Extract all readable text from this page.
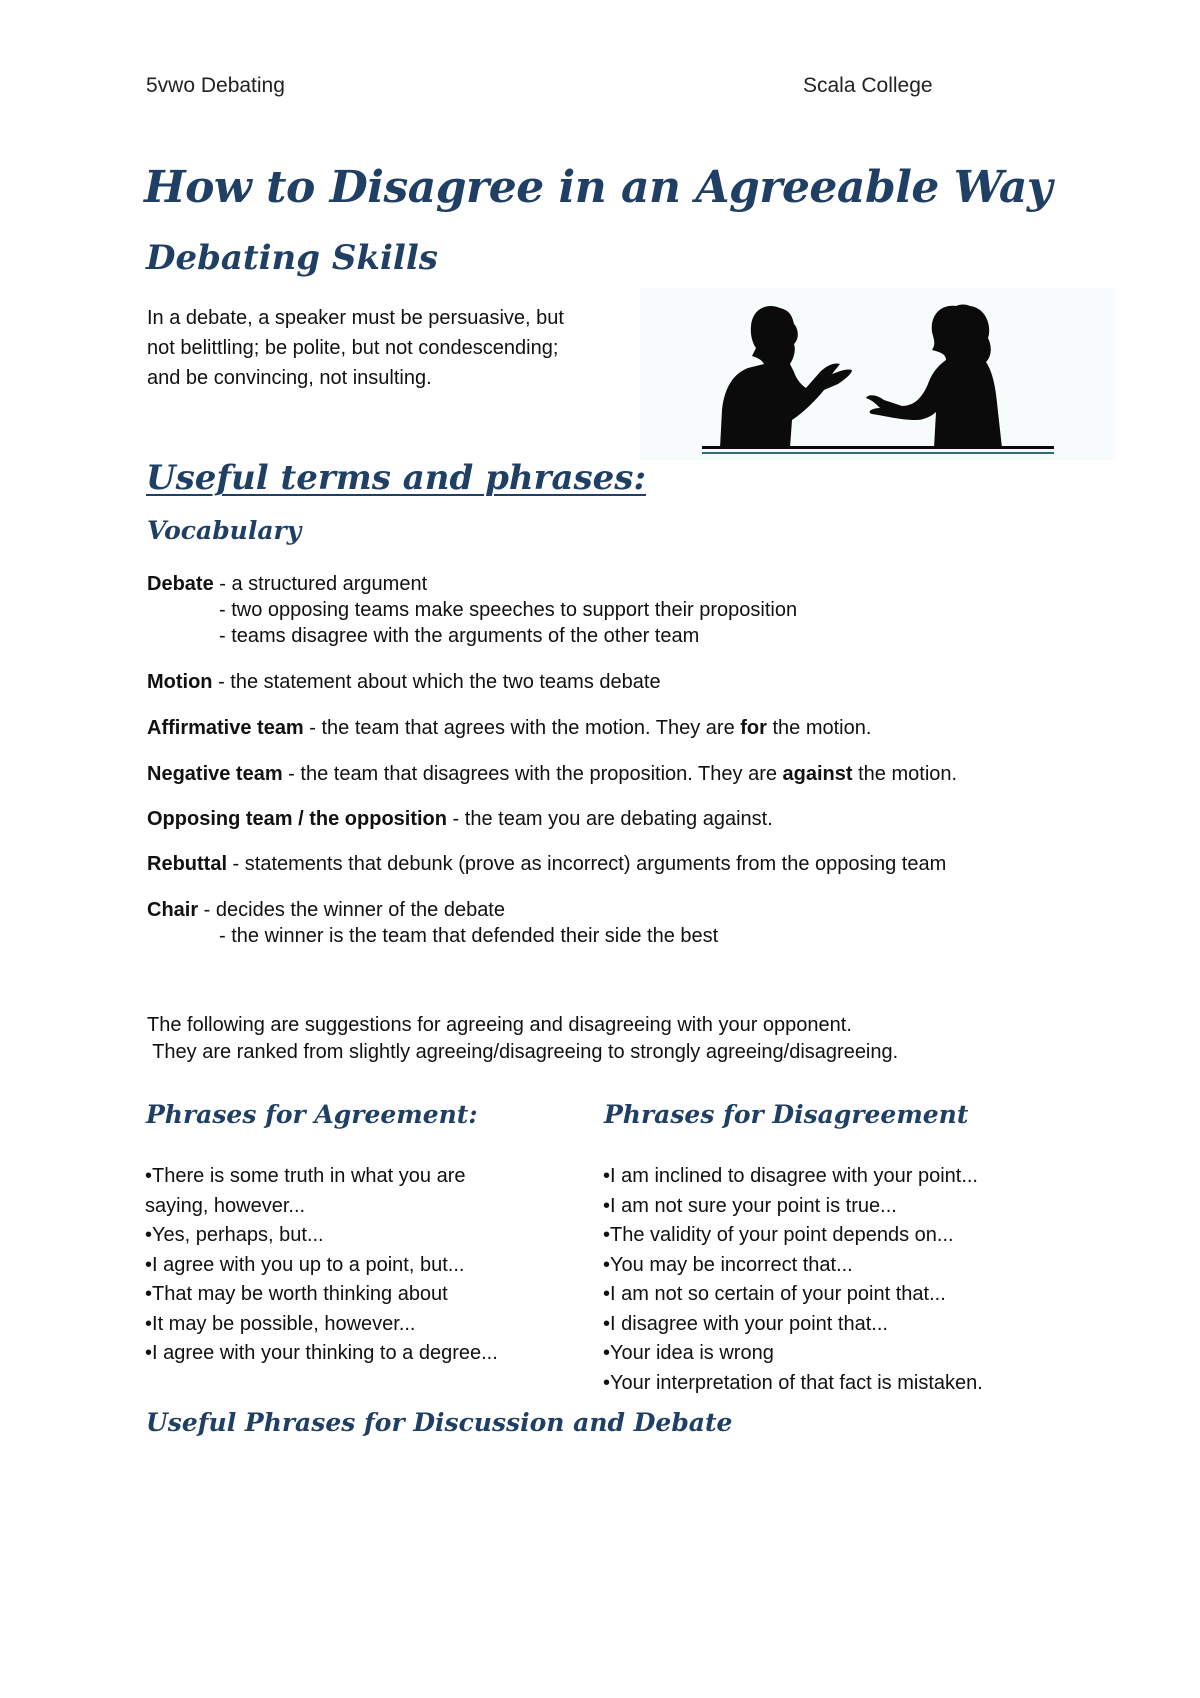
5vwo Debating	Scala College
How to Disagree in an Agreeable Way
Debating Skills
In a debate, a speaker must be persuasive, but
not belittling; be polite, but not condescending;
and be convincing, not insulting.
Useful terms and phrases:
Vocabulary
Debate - a structured argument
- two opposing teams make speeches to support their proposition
- teams disagree with the arguments of the other team
Motion - the statement about which the two teams debate
Affirmative team - the team that agrees with the motion. They are for the motion.
Negative team - the team that disagrees with the proposition. They are against the motion.
Opposing team / the opposition - the team you are debating against.
Rebuttal - statements that debunk (prove as incorrect) arguments from the opposing team
Chair - decides the winner of the debate
- the winner is the team that defended their side the best
The following are suggestions for agreeing and disagreeing with your opponent.
They are ranked from slightly agreeing/disagreeing to strongly agreeing/disagreeing.
Phrases for Agreement:
• There is some truth in what you are
saying, however...
• Yes, perhaps, but...
• I agree with you up to a point, but...
• That may be worth thinking about
• It may be possible, however...
• I agree with your thinking to a degree...
Phrases for Disagreement
• I am inclined to disagree with your point...
• I am not sure your point is true...
• The validity of your point depends on...
• You may be incorrect that...
• I am not so certain of your point that...
• I disagree with your point that...
• Your idea is wrong
• Your interpretation of that fact is mistaken.
Useful Phrases for Discussion and Debate
